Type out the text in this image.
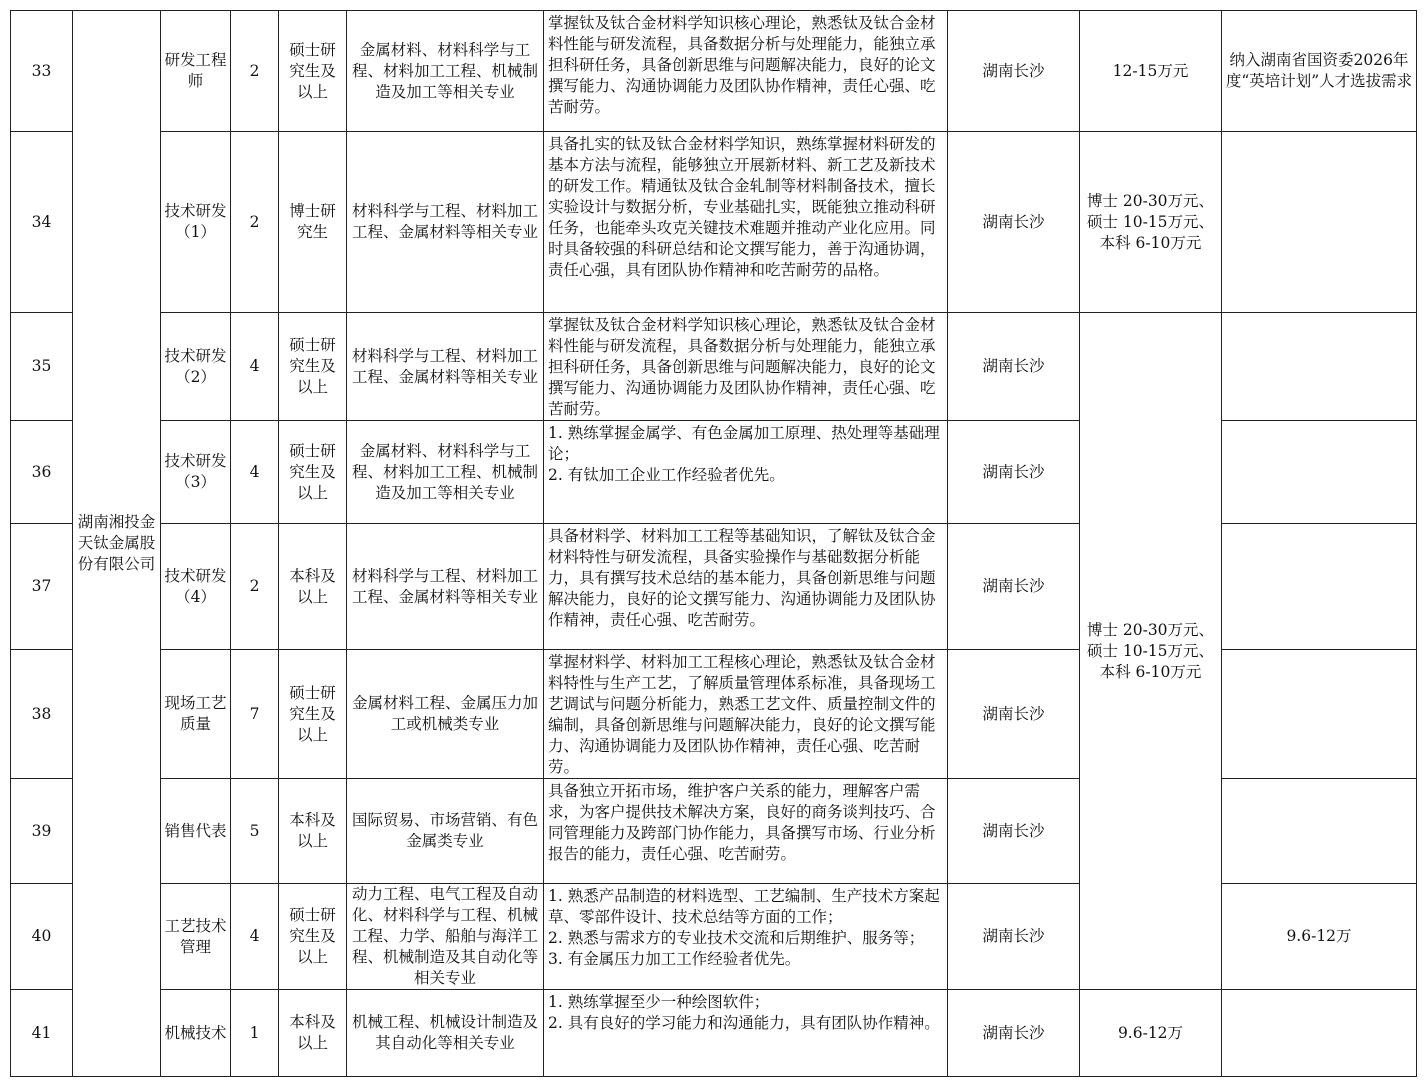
33	湖南湘投金天钛金属股份有限公司	研发工程师	2	硕士研究生及以上	金属材料、材料科学与工程、材料加工工程、机械制造及加工等相关专业	掌握钛及钛合金材料学知识核心理论，熟悉钛及钛合金材料性能与研发流程，具备数据分析与处理能力，能独立承担科研任务，具备创新思维与问题解决能力，良好的论文撰写能力、沟通协调能力及团队协作精神，责任心强、吃苦耐劳。	湖南长沙	12-15万元	纳入湖南省国资委2026年度“英培计划”人才选拔需求	
34		技术研发（1）	2	博士研究生	材料科学与工程、材料加工工程、金属材料等相关专业	具备扎实的钛及钛合金材料学知识，熟练掌握材料研发的基本方法与流程，能够独立开展新材料、新工艺及新技术的研发工作。精通钛及钛合金轧制等材料制备技术，擅长实验设计与数据分析，专业基础扎实，既能独立推动科研任务，也能牵头攻克关键技术难题并推动产业化应用。同时具备较强的科研总结和论文撰写能力，善于沟通协调，责任心强，具有团队协作精神和吃苦耐劳的品格。	湖南长沙	博士 20-30万元、硕士 10-15万元、本科 6-10万元		
35		技术研发（2）	4	硕士研究生及以上	材料科学与工程、材料加工工程、金属材料等相关专业	掌握钛及钛合金材料学知识核心理论，熟悉钛及钛合金材料性能与研发流程，具备数据分析与处理能力，能独立承担科研任务，具备创新思维与问题解决能力，良好的论文撰写能力、沟通协调能力及团队协作精神，责任心强、吃苦耐劳。	湖南长沙	博士 20-30万元、硕士 10-15万元、本科 6-10万元		
36		技术研发（3）	4	硕士研究生及以上	金属材料、材料科学与工程、材料加工工程、机械制造及加工等相关专业	1. 熟练掌握金属学、有色金属加工原理、热处理等基础理论；
2. 有钛加工企业工作经验者优先。	湖南长沙			
37		技术研发（4）	2	本科及以上	材料科学与工程、材料加工工程、金属材料等相关专业	具备材料学、材料加工工程等基础知识，了解钛及钛合金材料特性与研发流程，具备实验操作与基础数据分析能力，具有撰写技术总结的基本能力，具备创新思维与问题解决能力，良好的论文撰写能力、沟通协调能力及团队协作精神，责任心强、吃苦耐劳。	湖南长沙			
38		现场工艺质量	7	硕士研究生及以上	金属材料工程、金属压力加工或机械类专业	掌握材料学、材料加工工程核心理论，熟悉钛及钛合金材料特性与生产工艺，了解质量管理体系标准，具备现场工艺调试与问题分析能力，熟悉工艺文件、质量控制文件的编制，具备创新思维与问题解决能力，良好的论文撰写能力、沟通协调能力及团队协作精神，责任心强、吃苦耐劳。	湖南长沙			
39		销售代表	5	本科及以上	国际贸易、市场营销、有色金属类专业	具备独立开拓市场，维护客户关系的能力，理解客户需求，为客户提供技术解决方案，良好的商务谈判技巧、合同管理能力及跨部门协作能力，具备撰写市场、行业分析报告的能力，责任心强、吃苦耐劳。	湖南长沙			
40		工艺技术管理	4	硕士研究生及以上	动力工程、电气工程及自动化、材料科学与工程、机械工程、力学、船舶与海洋工程、机械制造及其自动化等相关专业	1. 熟悉产品制造的材料选型、工艺编制、生产技术方案起草、零部件设计、技术总结等方面的工作；
2. 熟悉与需求方的专业技术交流和后期维护、服务等；
3. 有金属压力加工工作经验者优先。	湖南长沙		9.6-12万	
41		机械技术	1	本科及以上	机械工程、机械设计制造及其自动化等相关专业	1. 熟练掌握至少一种绘图软件；
2. 具有良好的学习能力和沟通能力，具有团队协作精神。	湖南长沙	9.6-12万		
